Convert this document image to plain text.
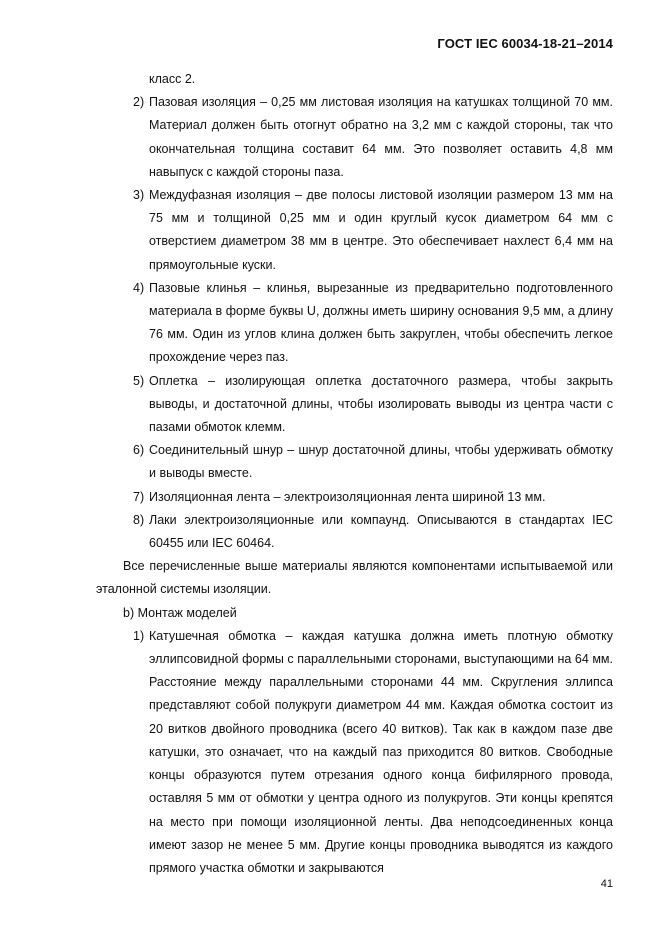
ГОСТ IEC 60034-18-21–2014

класс 2.

2) Пазовая изоляция – 0,25 мм листовая изоляция на катушках толщиной 70 мм. Материал должен быть отогнут обратно на 3,2 мм с каждой стороны, так что окончательная толщина составит 64 мм. Это позволяет оставить 4,8 мм навыпуск с каждой стороны паза.
3) Междуфазная изоляция – две полосы листовой изоляции размером 13 мм на 75 мм и толщиной 0,25 мм и один круглый кусок диаметром 64 мм с отверстием диаметром 38 мм в центре. Это обеспечивает нахлест 6,4 мм на прямоугольные куски.
4) Пазовые клинья – клинья, вырезанные из предварительно подготовленного материала в форме буквы U, должны иметь ширину основания 9,5 мм, а длину 76 мм. Один из углов клина должен быть закруглен, чтобы обеспечить легкое прохождение через паз.
5) Оплетка – изолирующая оплетка достаточного размера, чтобы закрыть выводы, и достаточной длины, чтобы изолировать выводы из центра части с пазами обмоток клемм.
6) Соединительный шнур – шнур достаточной длины, чтобы удерживать обмотку и выводы вместе.
7) Изоляционная лента – электроизоляционная лента шириной 13 мм.
8) Лаки электроизоляционные или компаунд. Описываются в стандартах IEC 60455 или IEC 60464.

Все перечисленные выше материалы являются компонентами испытываемой или эталонной системы изоляции.

b) Монтаж моделей

1) Катушечная обмотка – каждая катушка должна иметь плотную обмотку эллипсовидной формы с параллельными сторонами, выступающими на 64 мм. Расстояние между параллельными сторонами 44 мм. Скругления эллипса представляют собой полукруги диаметром 44 мм. Каждая обмотка состоит из 20 витков двойного проводника (всего 40 витков). Так как в каждом пазе две катушки, это означает, что на каждый паз приходится 80 витков. Свободные концы образуются путем отрезания одного конца бифилярного провода, оставляя 5 мм от обмотки у центра одного из полукругов. Эти концы крепятся на место при помощи изоляционной ленты. Два неподсоединенных конца имеют зазор не менее 5 мм. Другие концы проводника выводятся из каждого прямого участка обмотки и закрываются
41
